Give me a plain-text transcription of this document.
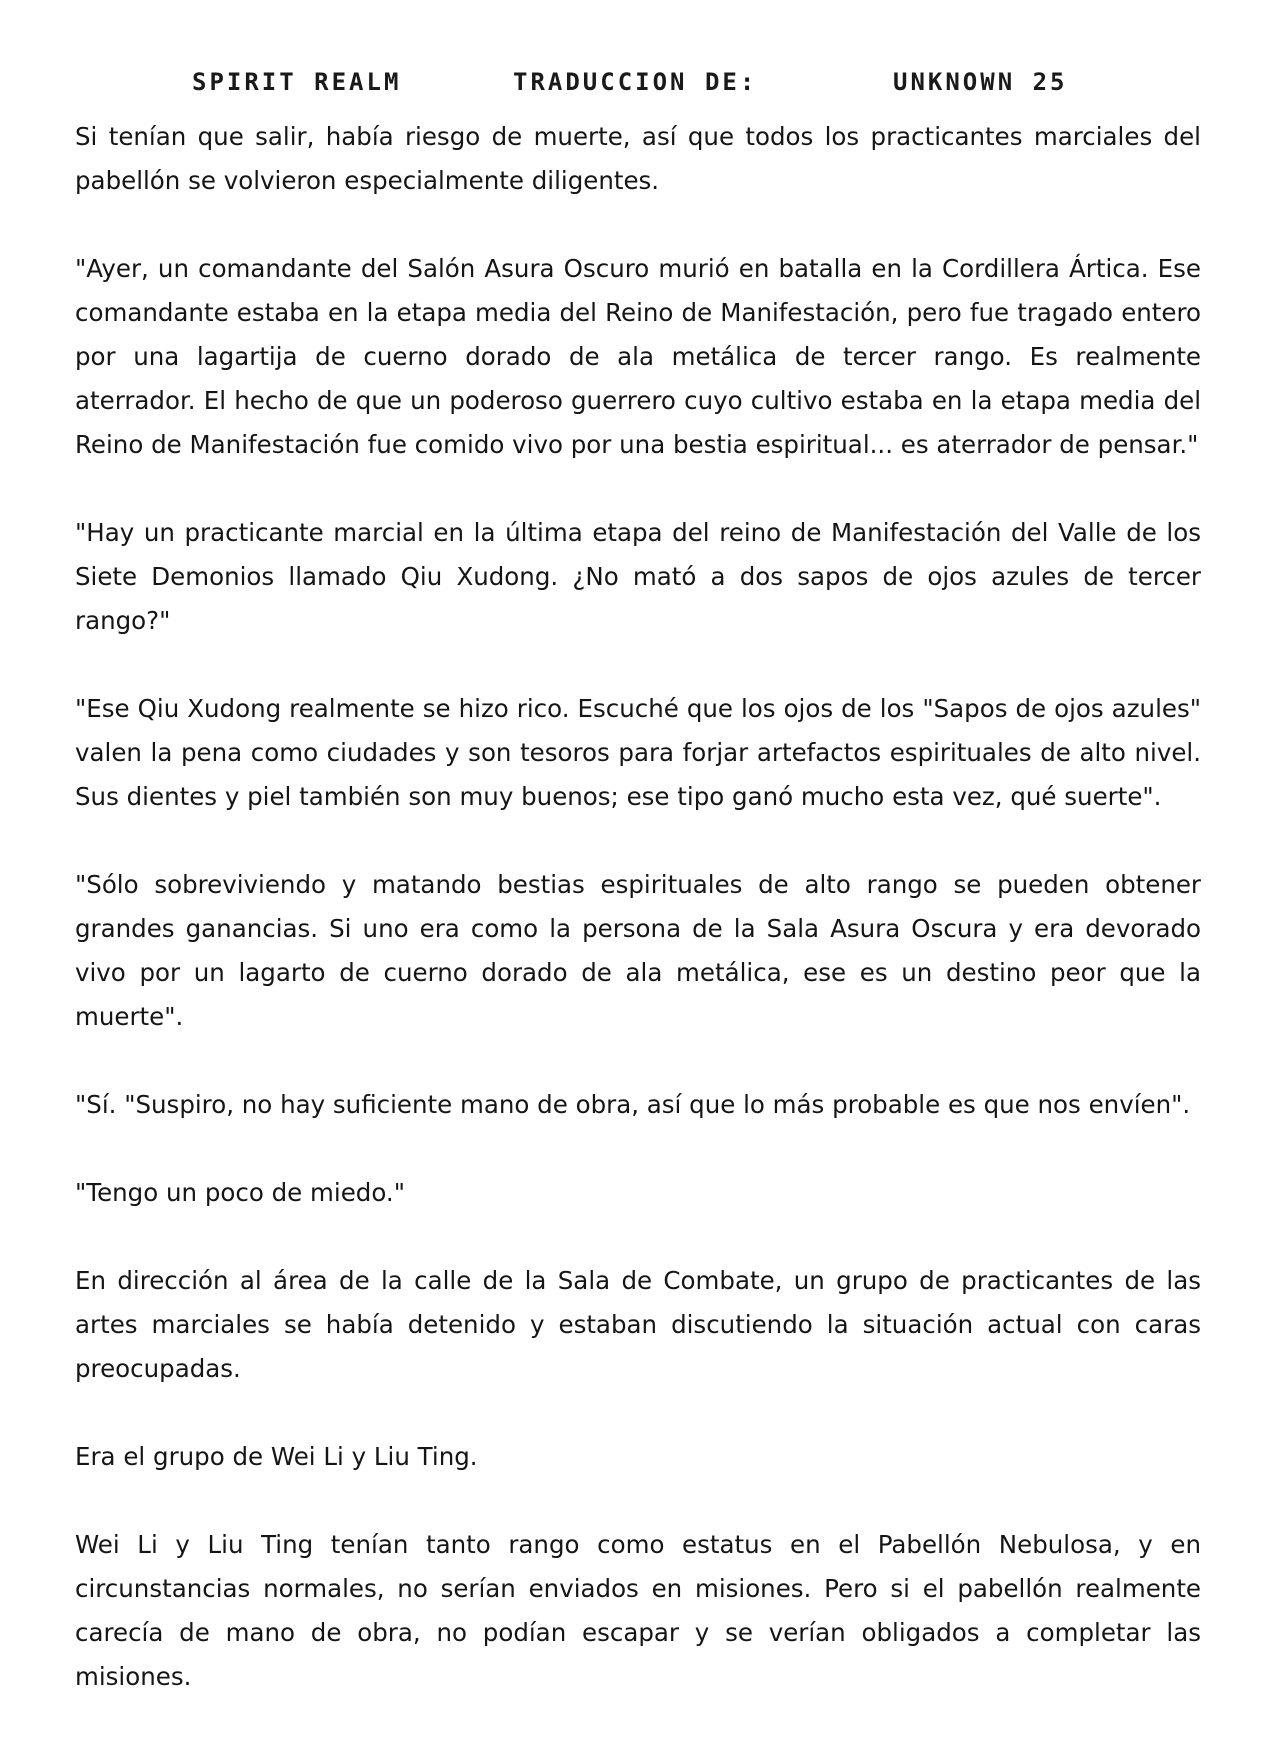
SPIRIT REALM	TRADUCCION DE:	UNKNOWN 25

Si tenían que salir, había riesgo de muerte, así que todos los practicantes marciales del pabellón se volvieron especialmente diligentes.

"Ayer, un comandante del Salón Asura Oscuro murió en batalla en la Cordillera Ártica. Ese comandante estaba en la etapa media del Reino de Manifestación, pero fue tragado entero por una lagartija de cuerno dorado de ala metálica de tercer rango. Es realmente aterrador. El hecho de que un poderoso guerrero cuyo cultivo estaba en la etapa media del Reino de Manifestación fue comido vivo por una bestia espiritual... es aterrador de pensar."

"Hay un practicante marcial en la última etapa del reino de Manifestación del Valle de los Siete Demonios llamado Qiu Xudong. ¿No mató a dos sapos de ojos azules de tercer rango?"

"Ese Qiu Xudong realmente se hizo rico. Escuché que los ojos de los "Sapos de ojos azules" valen la pena como ciudades y son tesoros para forjar artefactos espirituales de alto nivel. Sus dientes y piel también son muy buenos; ese tipo ganó mucho esta vez, qué suerte".

"Sólo sobreviviendo y matando bestias espirituales de alto rango se pueden obtener grandes ganancias. Si uno era como la persona de la Sala Asura Oscura y era devorado vivo por un lagarto de cuerno dorado de ala metálica, ese es un destino peor que la muerte".

"Sí. "Suspiro, no hay suficiente mano de obra, así que lo más probable es que nos envíen".

"Tengo un poco de miedo."

En dirección al área de la calle de la Sala de Combate, un grupo de practicantes de las artes marciales se había detenido y estaban discutiendo la situación actual con caras preocupadas.

Era el grupo de Wei Li y Liu Ting.

Wei Li y Liu Ting tenían tanto rango como estatus en el Pabellón Nebulosa, y en circunstancias normales, no serían enviados en misiones. Pero si el pabellón realmente carecía de mano de obra, no podían escapar y se verían obligados a completar las misiones.
